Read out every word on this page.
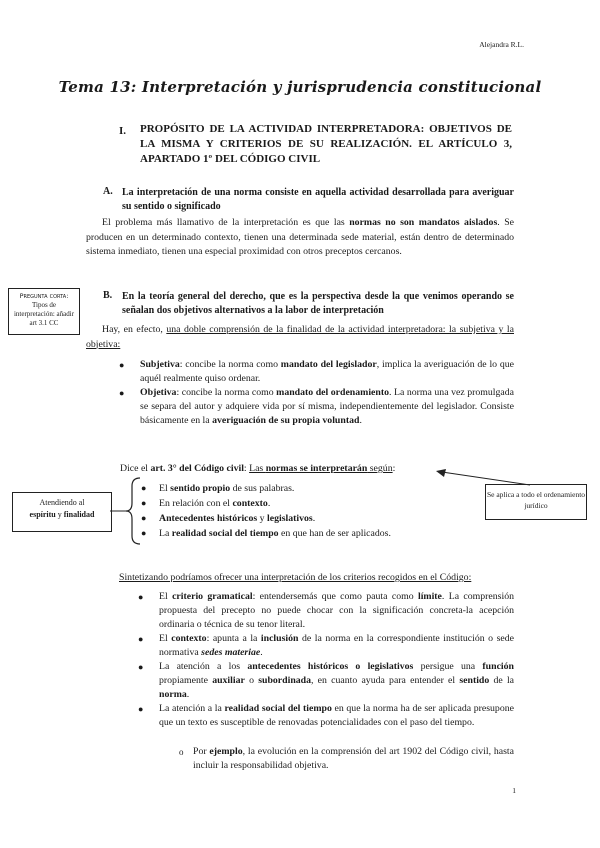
Alejandra R.L.
Tema 13: Interpretación y jurisprudencia constitucional
I. PROPÓSITO DE LA ACTIVIDAD INTERPRETADORA: OBJETIVOS DE LA MISMA Y CRITERIOS DE SU REALIZACIÓN. EL ARTÍCULO 3, APARTADO 1º DEL CÓDIGO CIVIL
A. La interpretación de una norma consiste en aquella actividad desarrollada para averiguar su sentido o significado
El problema más llamativo de la interpretación es que las normas no son mandatos aislados. Se producen en un determinado contexto, tienen una determinada sede material, están dentro de determinado sistema inmediato, tienen una especial proximidad con otros preceptos cercanos.
Pregunta corta:
Tipos de interpretación: añadir art 3.1 CC
B. En la teoría general del derecho, que es la perspectiva desde la que venimos operando se señalan dos objetivos alternativos a la labor de interpretación
Hay, en efecto, una doble comprensión de la finalidad de la actividad interpretadora: la subjetiva y la objetiva:
● Subjetiva: concibe la norma como mandato del legislador, implica la averiguación de lo que aquél realmente quiso ordenar.
● Objetiva: concibe la norma como mandato del ordenamiento. La norma una vez promulgada se separa del autor y adquiere vida por sí misma, independientemente del legislador. Consiste básicamente en la averiguación de su propia voluntad.
Dice el art. 3° del Código civil: Las normas se interpretarán según:
● El sentido propio de sus palabras.
● En relación con el contexto.
● Antecedentes históricos y legislativos.
● La realidad social del tiempo en que han de ser aplicados.
Atendiendo al
espíritu y finalidad
Se aplica a todo el ordenamiento jurídico
Sintetizando podríamos ofrecer una interpretación de los criterios recogidos en el Código:
● El criterio gramatical: entendersemás que como pauta como límite. La comprensión propuesta del precepto no puede chocar con la significación concreta-la acepción ordinaria o técnica de su tenor literal.
● El contexto: apunta a la inclusión de la norma en la correspondiente institución o sede normativa sedes materiae.
● La atención a los antecedentes históricos o legislativos persigue una función propiamente auxiliar o subordinada, en cuanto ayuda para entender el sentido de la norma.
● La atención a la realidad social del tiempo en que la norma ha de ser aplicada presupone que un texto es susceptible de renovadas potencialidades con el paso del tiempo.
o Por ejemplo, la evolución en la comprensión del art 1902 del Código civil, hasta incluir la responsabilidad objetiva.
1
